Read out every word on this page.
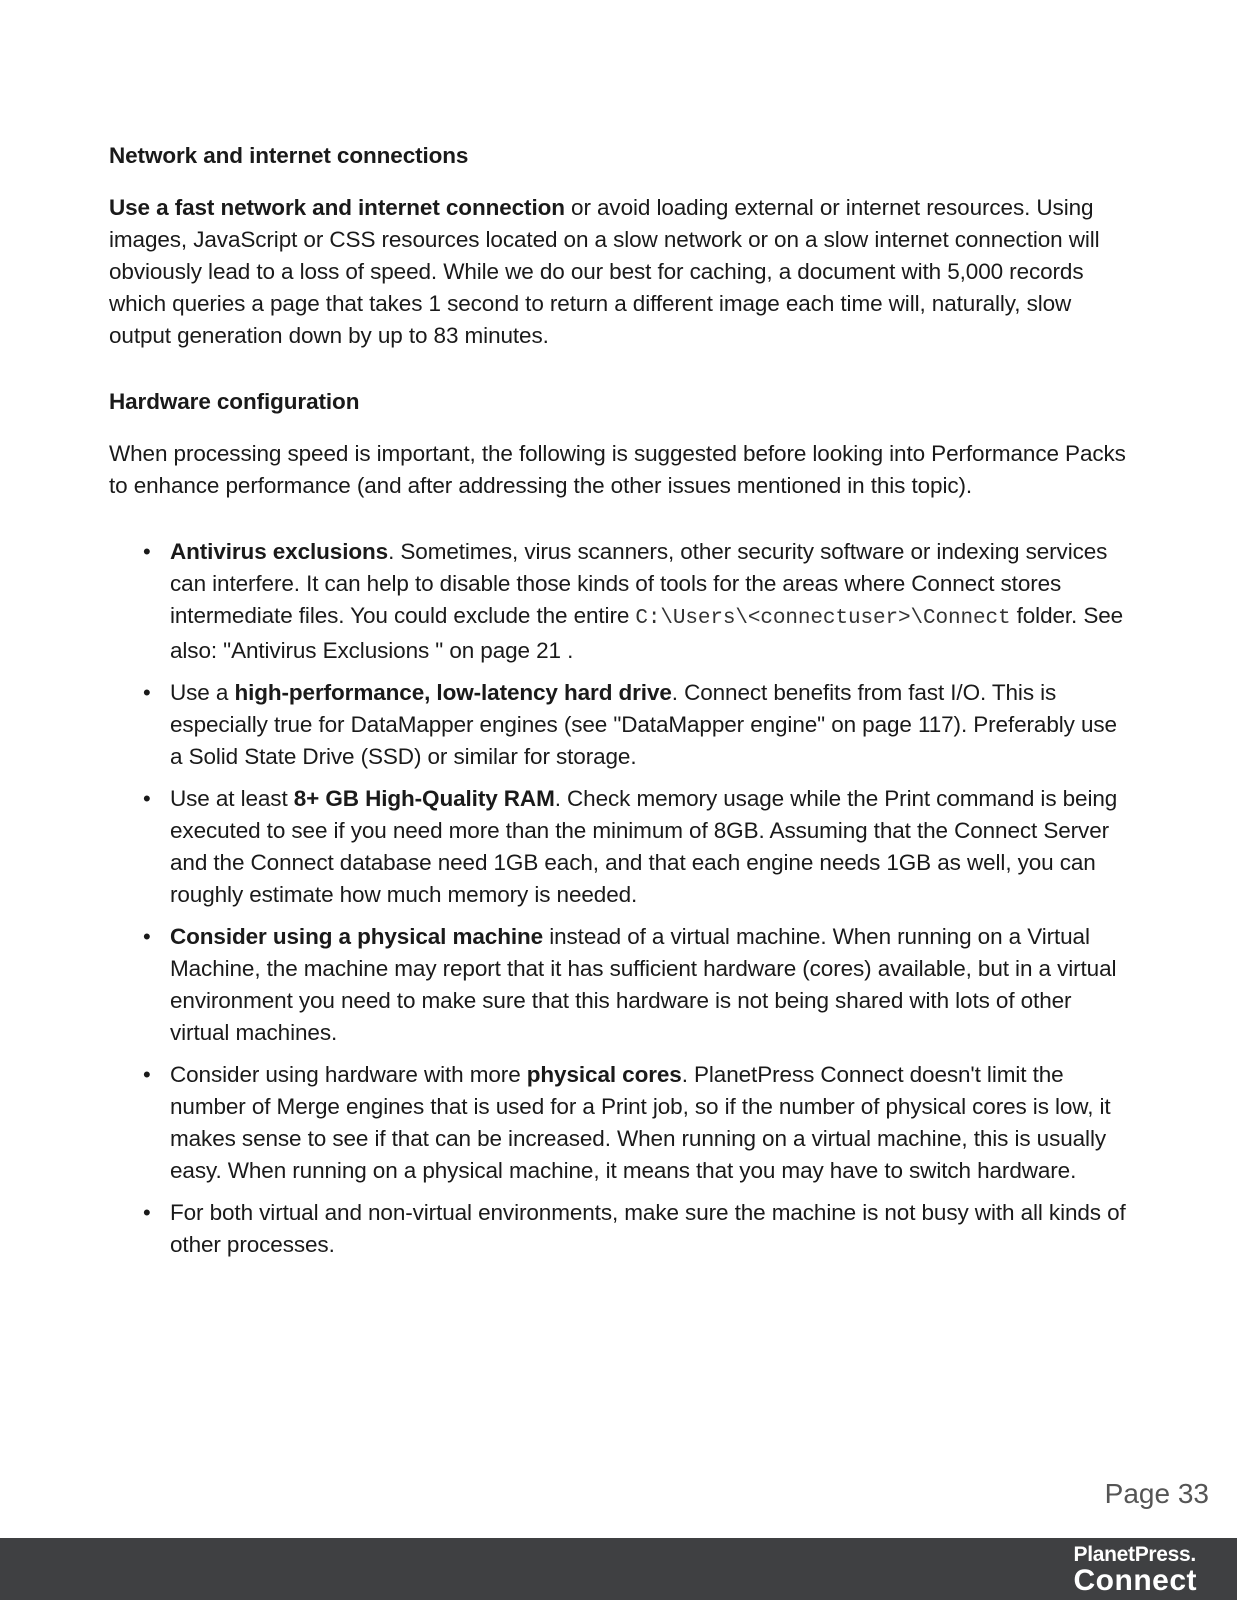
Network and internet connections

Use a fast network and internet connection or avoid loading external or internet resources. Using images, JavaScript or CSS resources located on a slow network or on a slow internet connection will obviously lead to a loss of speed. While we do our best for caching, a document with 5,000 records which queries a page that takes 1 second to return a different image each time will, naturally, slow output generation down by up to 83 minutes.

Hardware configuration

When processing speed is important, the following is suggested before looking into Performance Packs to enhance performance (and after addressing the other issues mentioned in this topic).

• Antivirus exclusions. Sometimes, virus scanners, other security software or indexing services can interfere. It can help to disable those kinds of tools for the areas where Connect stores intermediate files. You could exclude the entire C:\Users\<connectuser>\Connect folder. See also: "Antivirus Exclusions " on page 21 .
• Use a high-performance, low-latency hard drive. Connect benefits from fast I/O. This is especially true for DataMapper engines (see "DataMapper engine" on page 117). Preferably use a Solid State Drive (SSD) or similar for storage.
• Use at least 8+ GB High-Quality RAM. Check memory usage while the Print command is being executed to see if you need more than the minimum of 8GB. Assuming that the Connect Server and the Connect database need 1GB each, and that each engine needs 1GB as well, you can roughly estimate how much memory is needed.
• Consider using a physical machine instead of a virtual machine. When running on a Virtual Machine, the machine may report that it has sufficient hardware (cores) available, but in a virtual environment you need to make sure that this hardware is not being shared with lots of other virtual machines.
• Consider using hardware with more physical cores. PlanetPress Connect doesn't limit the number of Merge engines that is used for a Print job, so if the number of physical cores is low, it makes sense to see if that can be increased. When running on a virtual machine, this is usually easy. When running on a physical machine, it means that you may have to switch hardware.
• For both virtual and non-virtual environments, make sure the machine is not busy with all kinds of other processes.
Page 33
PlanetPress.
Connect
